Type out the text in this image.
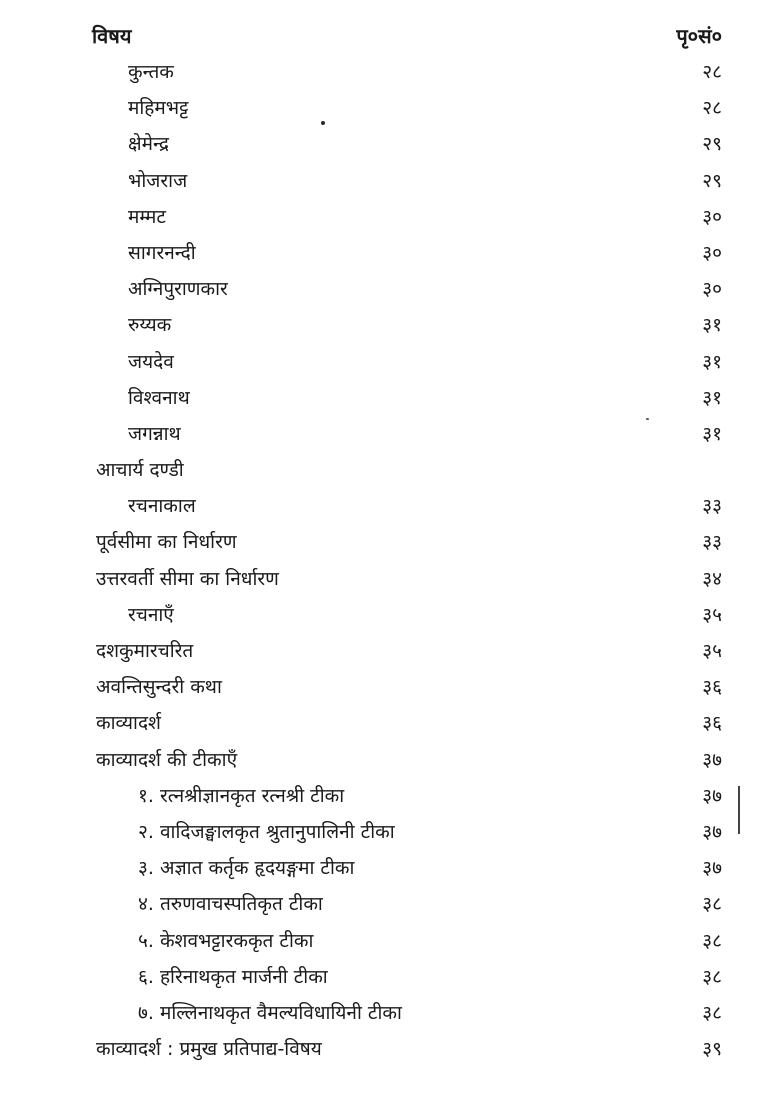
विषय	पृ०सं०
कुन्तक	२८
महिमभट्ट	२८
क्षेमेन्द्र	२९
भोजराज	२९
मम्मट	३०
सागरनन्दी	३०
अग्निपुराणकार	३०
रुय्यक	३१
जयदेव	३१
विश्वनाथ	३१
जगन्नाथ	३१
आचार्य दण्डी
रचनाकाल	३३
पूर्वसीमा का निर्धारण	३३
उत्तरवर्ती सीमा का निर्धारण	३४
रचनाएँ	३५
दशकुमारचरित	३५
अवन्तिसुन्दरी कथा	३६
काव्यादर्श	३६
काव्यादर्श की टीकाएँ	३७
१. रत्नश्रीज्ञानकृत रत्नश्री टीका	३७
२. वादिजङ्घालकृत श्रुतानुपालिनी टीका	३७
३. अज्ञात कर्तृक हृदयङ्गमा टीका	३७
४. तरुणवाचस्पतिकृत टीका	३८
५. केशवभट्टारककृत टीका	३८
६. हरिनाथकृत मार्जनी टीका	३८
७. मल्लिनाथकृत वैमल्यविधायिनी टीका	३८
काव्यादर्श : प्रमुख प्रतिपाद्य-विषय	३९
